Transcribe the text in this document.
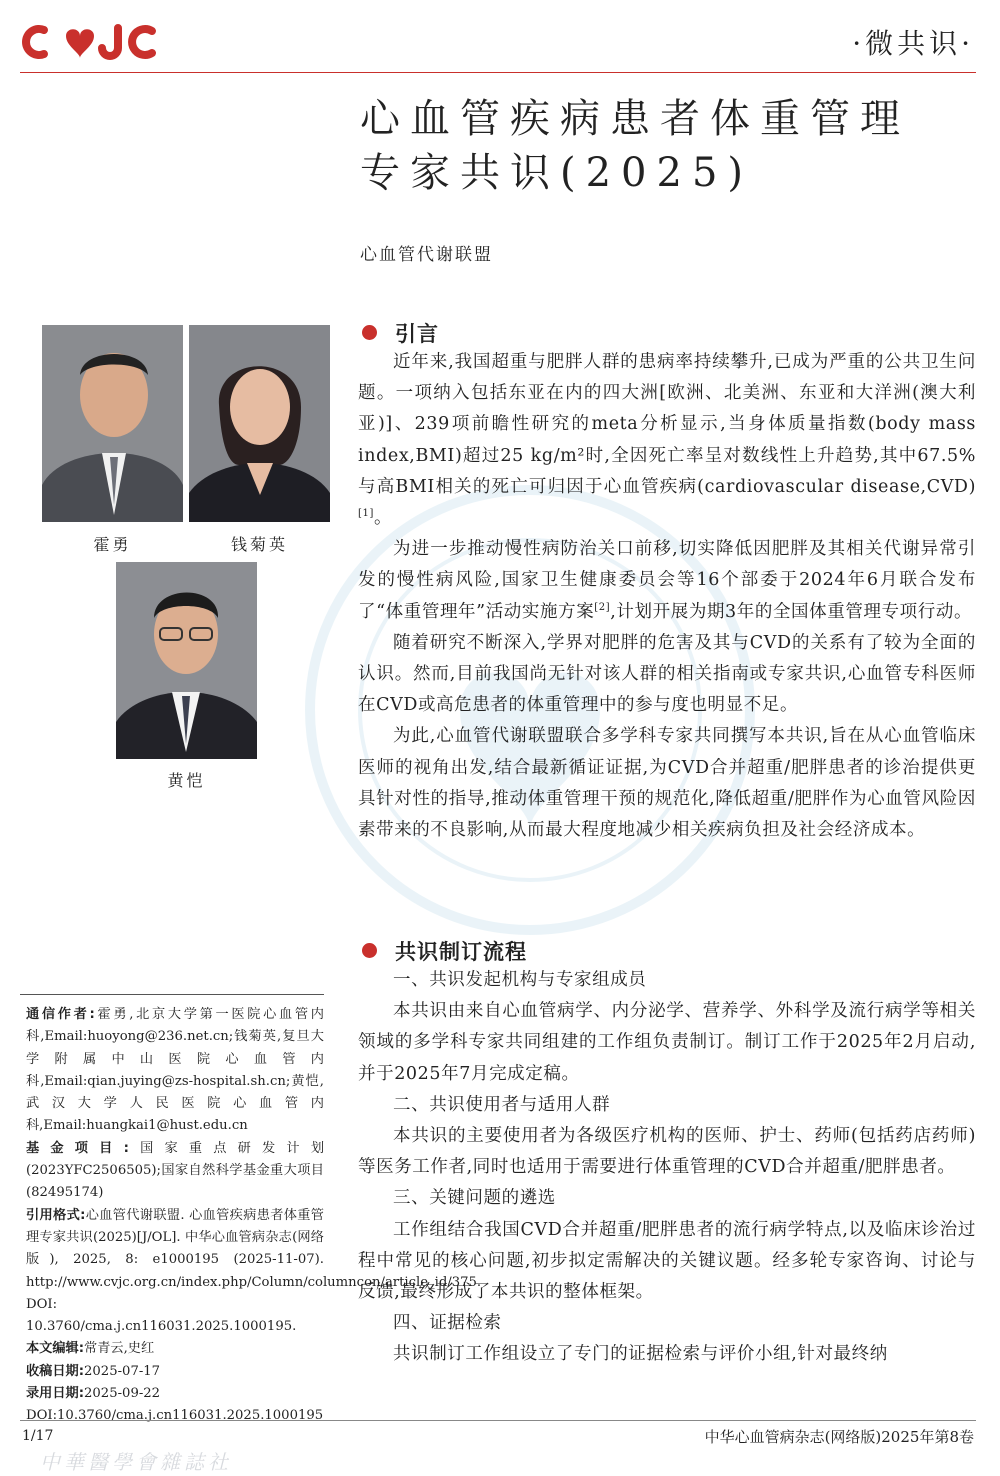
·微共识·
心血管疾病患者体重管理
专家共识(2025)
心血管代谢联盟
霍勇	钱菊英
黄恺
引言

近年来,我国超重与肥胖人群的患病率持续攀升,已成为严重的公共卫生问题。一项纳入包括东亚在内的四大洲[欧洲、北美洲、东亚和大洋洲(澳大利亚)]、239项前瞻性研究的meta分析显示,当身体质量指数(body mass index,BMI)超过25 kg/m²时,全因死亡率呈对数线性上升趋势,其中67.5%与高BMI相关的死亡可归因于心血管疾病(cardiovascular disease,CVD)[1]。

为进一步推动慢性病防治关口前移,切实降低因肥胖及其相关代谢异常引发的慢性病风险,国家卫生健康委员会等16个部委于2024年6月联合发布了“体重管理年”活动实施方案[2],计划开展为期3年的全国体重管理专项行动。

随着研究不断深入,学界对肥胖的危害及其与CVD的关系有了较为全面的认识。然而,目前我国尚无针对该人群的相关指南或专家共识,心血管专科医师在CVD或高危患者的体重管理中的参与度也明显不足。

为此,心血管代谢联盟联合多学科专家共同撰写本共识,旨在从心血管临床医师的视角出发,结合最新循证证据,为CVD合并超重/肥胖患者的诊治提供更具针对性的指导,推动体重管理干预的规范化,降低超重/肥胖作为心血管风险因素带来的不良影响,从而最大程度地减少相关疾病负担及社会经济成本。

共识制订流程

一、共识发起机构与专家组成员

本共识由来自心血管病学、内分泌学、营养学、外科学及流行病学等相关领域的多学科专家共同组建的工作组负责制订。制订工作于2025年2月启动,并于2025年7月完成定稿。

二、共识使用者与适用人群

本共识的主要使用者为各级医疗机构的医师、护士、药师(包括药店药师)等医务工作者,同时也适用于需要进行体重管理的CVD合并超重/肥胖患者。

三、关键问题的遴选

工作组结合我国CVD合并超重/肥胖患者的流行病学特点,以及临床诊治过程中常见的核心问题,初步拟定需解决的关键议题。经多轮专家咨询、讨论与反馈,最终形成了本共识的整体框架。

四、证据检索

共识制订工作组设立了专门的证据检索与评价小组,针对最终纳

通信作者:霍勇,北京大学第一医院心血管内科,Email:huoyong@236.net.cn;钱菊英,复旦大学附属中山医院心血管内科,Email:qian.juying@zs-hospital.sh.cn;黄恺,武汉大学人民医院心血管内科,Email:huangkai1@hust.edu.cn
基金项目:国家重点研发计划(2023YFC2506505);国家自然科学基金重大项目(82495174)
引用格式:心血管代谢联盟. 心血管疾病患者体重管理专家共识(2025)[J/OL]. 中华心血管病杂志(网络版), 2025, 8: e1000195 (2025-11-07). http://www.cvjc.org.cn/index.php/Column/columncon/article_id/375. DOI: 10.3760/cma.j.cn116031.2025.1000195.
本文编辑:常青云,史红
收稿日期:2025-07-17
录用日期:2025-09-22
DOI:10.3760/cma.j.cn116031.2025.1000195
1/17	中华心血管病杂志(网络版)2025年第8卷
中華醫學會雜誌社
